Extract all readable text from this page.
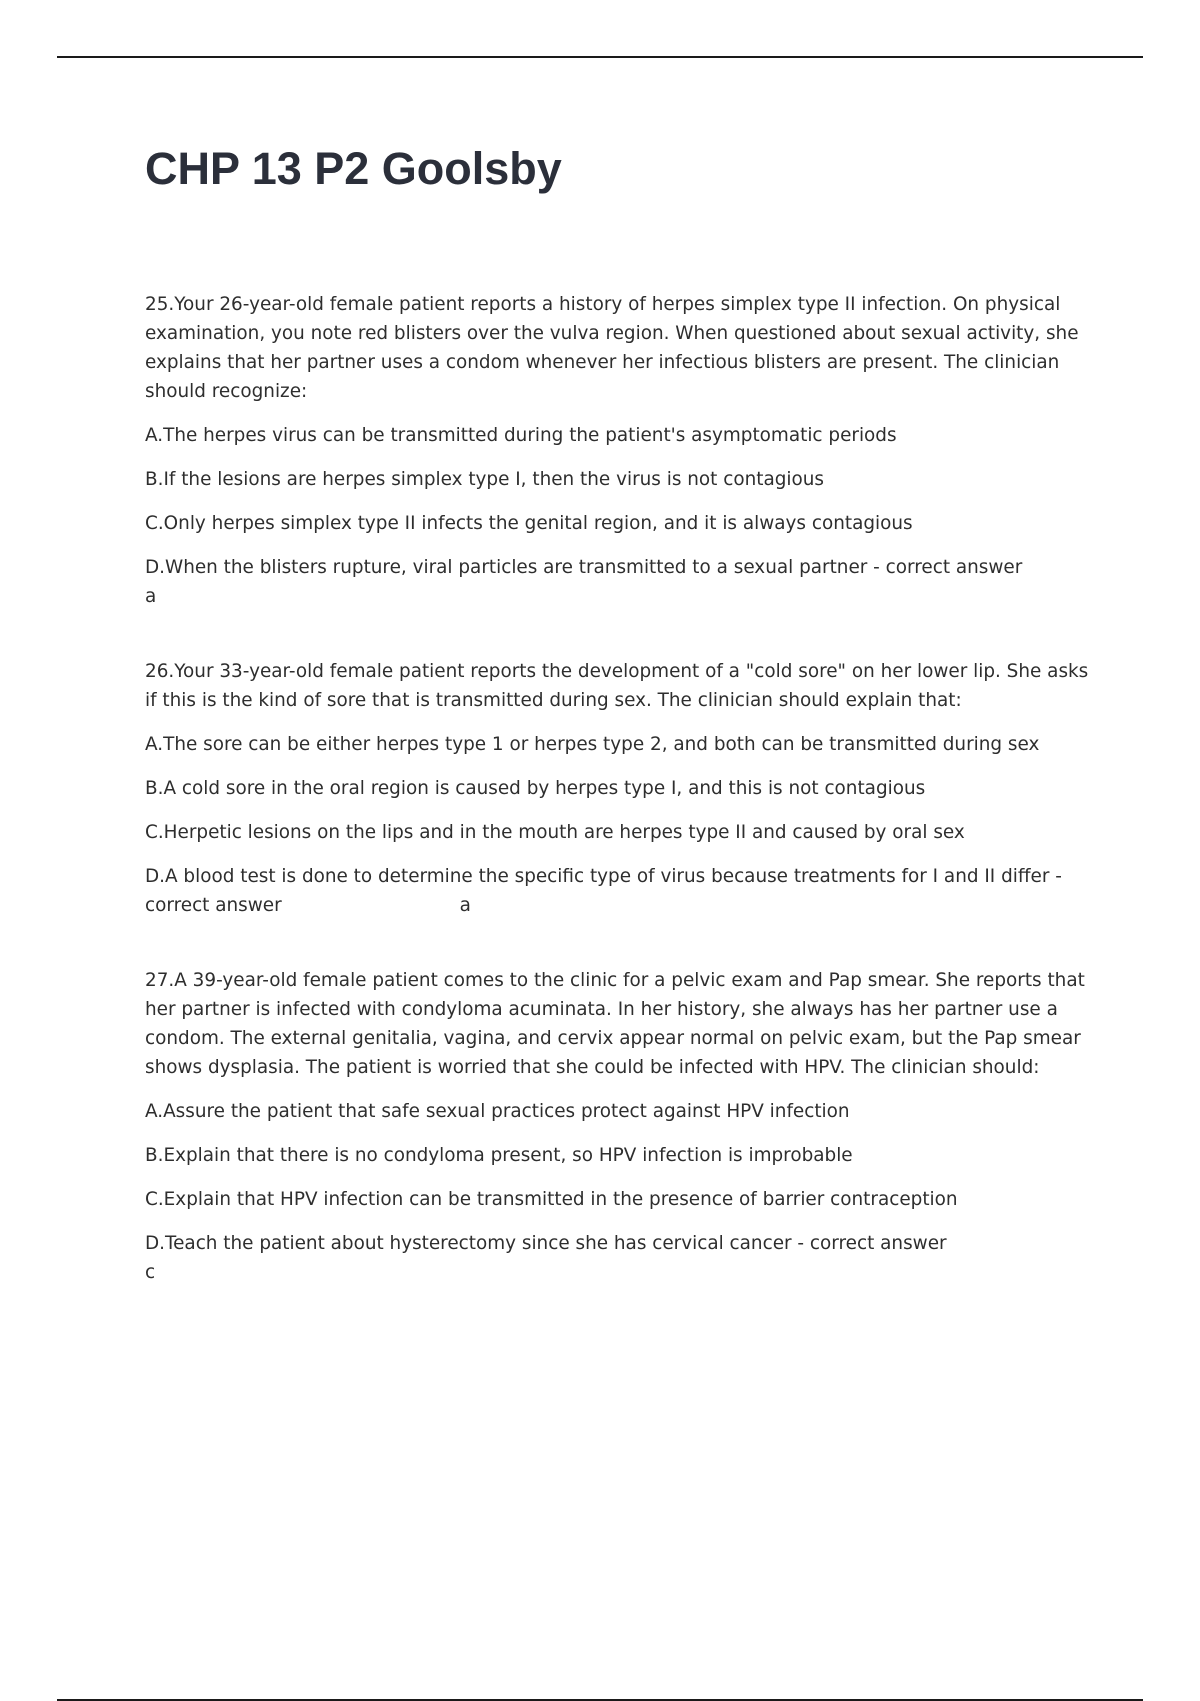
CHP 13 P2 Goolsby

25.Your 26-year-old female patient reports a history of herpes simplex type II infection. On physical examination, you note red blisters over the vulva region. When questioned about sexual activity, she explains that her partner uses a condom whenever her infectious blisters are present. The clinician should recognize:

A.The herpes virus can be transmitted during the patient's asymptomatic periods

B.If the lesions are herpes simplex type I, then the virus is not contagious

C.Only herpes simplex type II infects the genital region, and it is always contagious

D.When the blisters rupture, viral particles are transmitted to a sexual partner - correct answer
a

26.Your 33-year-old female patient reports the development of a "cold sore" on her lower lip. She asks if this is the kind of sore that is transmitted during sex. The clinician should explain that:

A.The sore can be either herpes type 1 or herpes type 2, and both can be transmitted during sex

B.A cold sore in the oral region is caused by herpes type I, and this is not contagious

C.Herpetic lesions on the lips and in the mouth are herpes type II and caused by oral sex

D.A blood test is done to determine the specific type of virus because treatments for I and II differ - correct answer	a

27.A 39-year-old female patient comes to the clinic for a pelvic exam and Pap smear. She reports that her partner is infected with condyloma acuminata. In her history, she always has her partner use a condom. The external genitalia, vagina, and cervix appear normal on pelvic exam, but the Pap smear shows dysplasia. The patient is worried that she could be infected with HPV. The clinician should:

A.Assure the patient that safe sexual practices protect against HPV infection

B.Explain that there is no condyloma present, so HPV infection is improbable

C.Explain that HPV infection can be transmitted in the presence of barrier contraception

D.Teach the patient about hysterectomy since she has cervical cancer - correct answer
c
